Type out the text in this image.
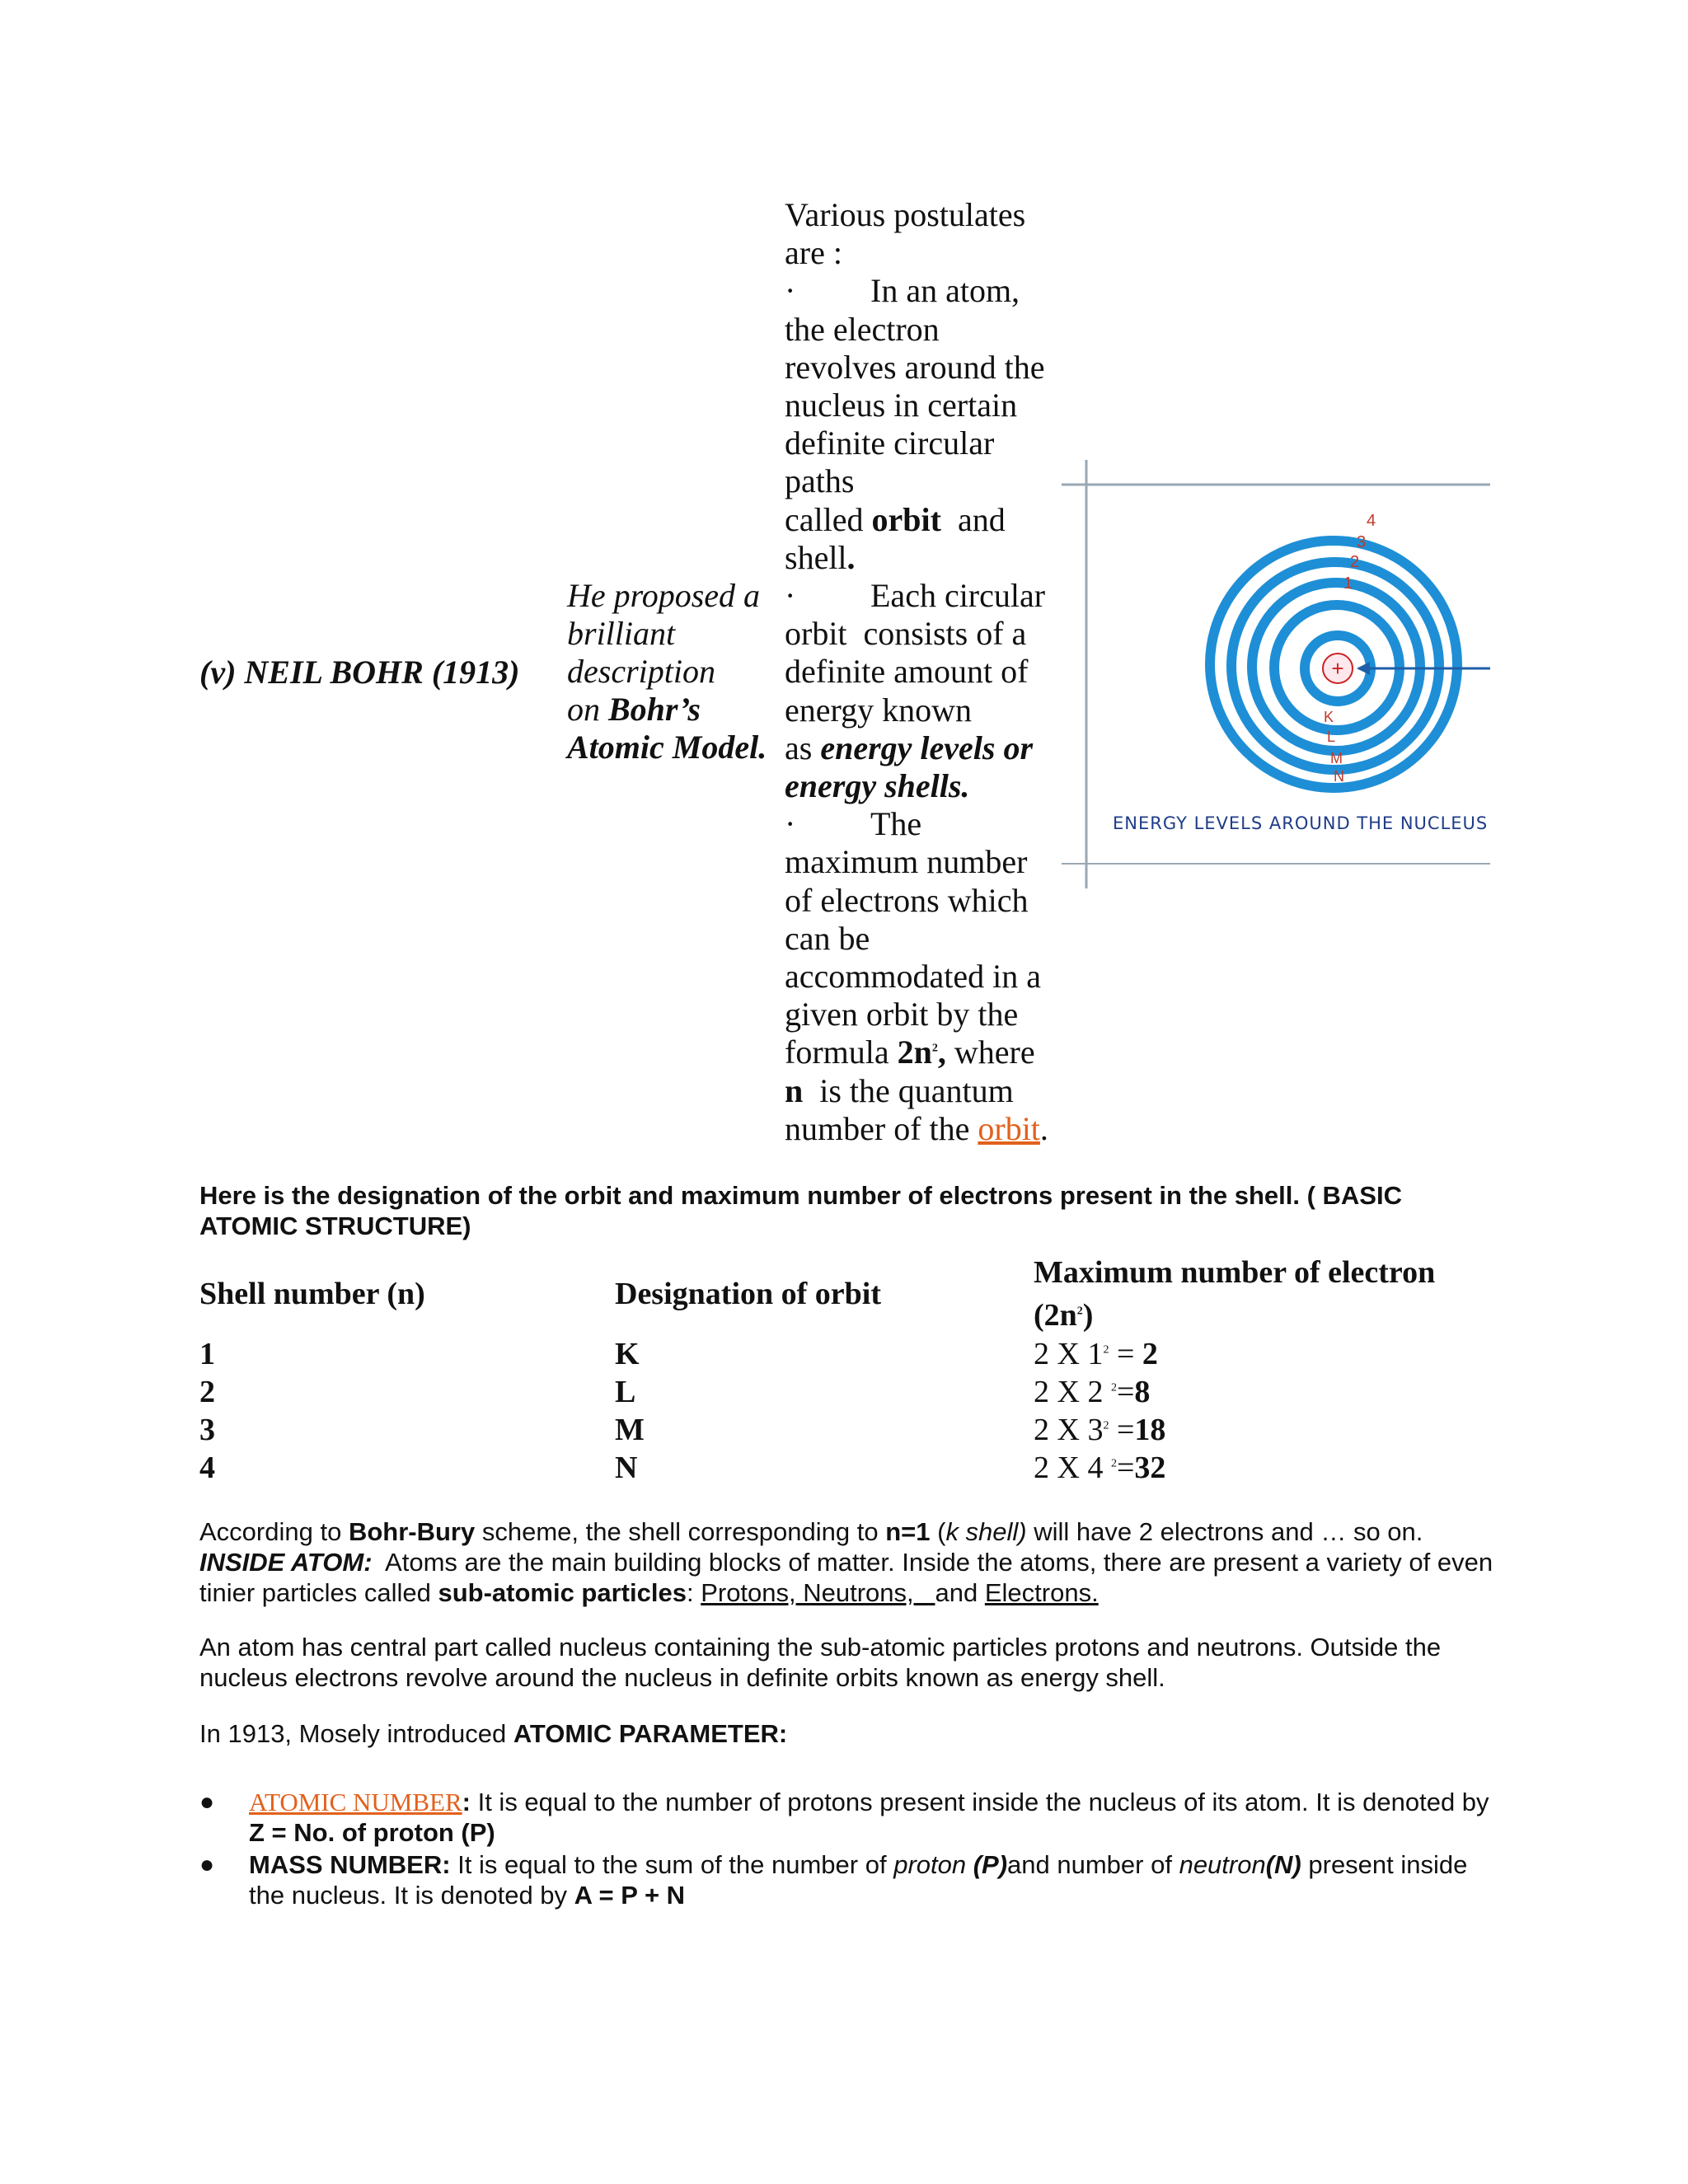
(v) NEIL BOHR (1913)
He proposed a
brilliant
description
on Bohr’s
Atomic Model.

Various postulates

are :

·	In an atom,

the electron

revolves around the

nucleus in certain

definite circular

paths

called orbit  and

shell.

·	Each circular

orbit  consists of a

definite amount of

energy known

as energy levels or

energy shells.

·	The

maximum number

of electrons which

can be

accommodated in a

given orbit by the

formula $2n^2$, where

n  is the quantum

number of the orbit.

+
4
3
2
1
K
L
M
N
ENERGY LEVELS AROUND THE NUCLEUS
Here is the designation of the orbit and maximum number of electrons present in the shell. ( BASIC ATOMIC STRUCTURE)
Shell number (n)	Designation of orbit
Maximum number of electron $(2n^2)$
1	K	2 X $1^2 = 2$
2	L	2 X 2 $^2$=8
3	M	2 X $3^2 =18$
4	N	2 X 4 $^2$=32
According to Bohr-Bury scheme, the shell corresponding to n=1 (k shell) will have 2 electrons and … so on.
INSIDE ATOM:  Atoms are the main building blocks of matter. Inside the atoms, there are present a variety of even tinier particles called sub-atomic particles: Protons, Neutrons,   and Electrons.
An atom has central part called nucleus containing the sub-atomic particles protons and neutrons. Outside the nucleus electrons revolve around the nucleus in definite orbits known as energy shell.
In 1913, Mosely introduced ATOMIC PARAMETER:
●	ATOMIC NUMBER: It is equal to the number of protons present inside the nucleus of its atom. It is denoted by Z = No. of proton (P)
●	MASS NUMBER: It is equal to the sum of the number of proton (P)and number of neutron(N) present inside the nucleus. It is denoted by A = P + N
